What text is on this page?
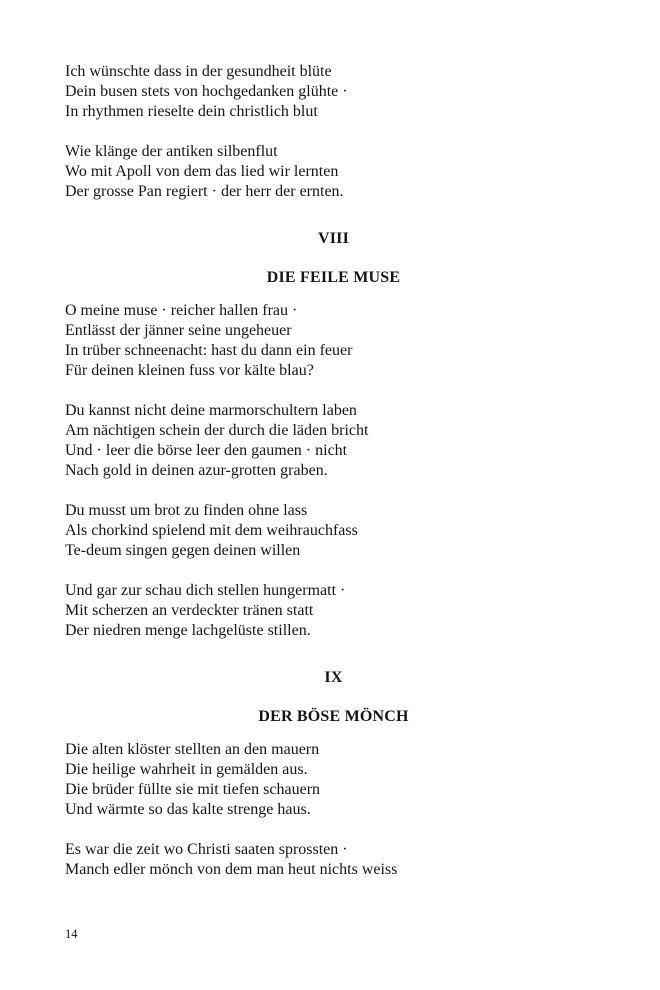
Ich wünschte dass in der gesundheit blüte
Dein busen stets von hochgedanken glühte ·
In rhythmen rieselte dein christlich blut
Wie klänge der antiken silbenflut
Wo mit Apoll von dem das lied wir lernten
Der grosse Pan regiert · der herr der ernten.
VIII
DIE FEILE MUSE
O meine muse · reicher hallen frau ·
Entlässt der jänner seine ungeheuer
In trüber schneenacht: hast du dann ein feuer
Für deinen kleinen fuss vor kälte blau?
Du kannst nicht deine marmorschultern laben
Am nächtigen schein der durch die läden bricht
Und · leer die börse leer den gaumen · nicht
Nach gold in deinen azur-grotten graben.
Du musst um brot zu finden ohne lass
Als chorkind spielend mit dem weihrauchfass
Te-deum singen gegen deinen willen
Und gar zur schau dich stellen hungermatt ·
Mit scherzen an verdeckter tränen statt
Der niedren menge lachgelüste stillen.
IX
DER BÖSE MÖNCH
Die alten klöster stellten an den mauern
Die heilige wahrheit in gemälden aus.
Die brüder füllte sie mit tiefen schauern
Und wärmte so das kalte strenge haus.
Es war die zeit wo Christi saaten sprossten ·
Manch edler mönch von dem man heut nichts weiss
14
